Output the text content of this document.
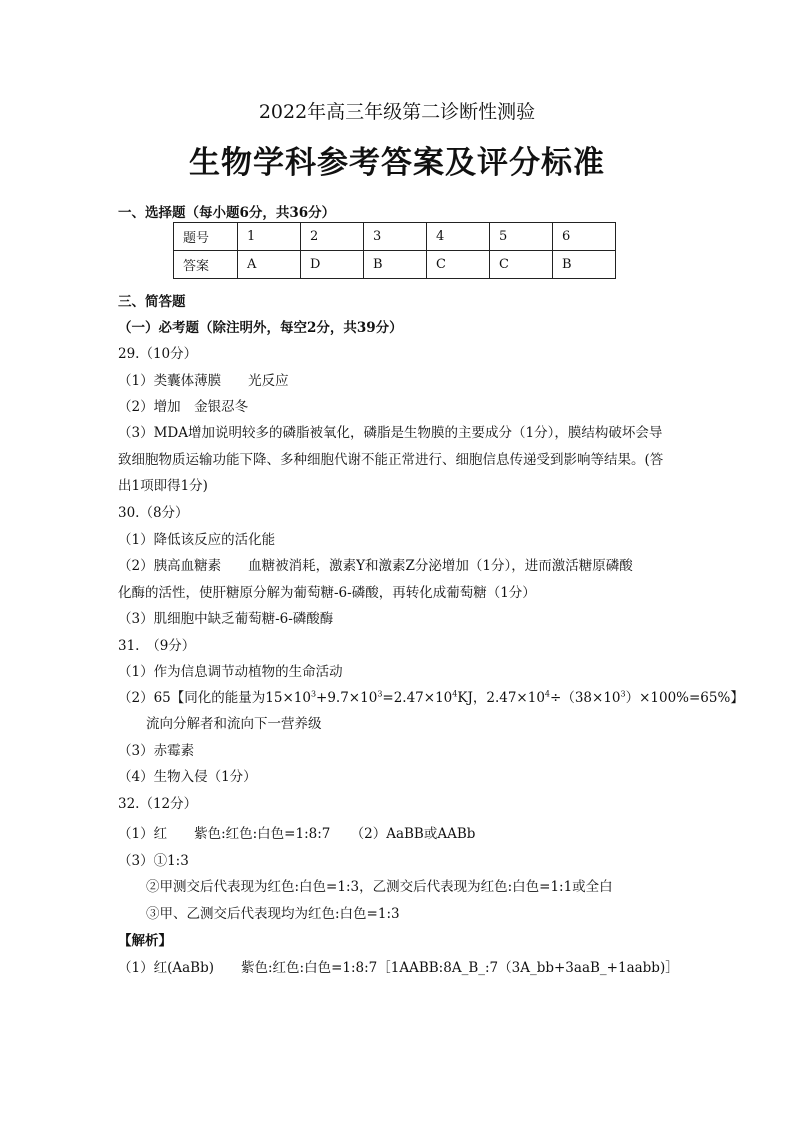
2022年高三年级第二诊断性测验
生物学科参考答案及评分标准
一、选择题（每小题6分，共36分）
题号	1	2	3	4	5	6
答案	A	D	B	C	C	B
三、简答题
（一）必考题（除注明外，每空2分，共39分）
29.（10分）
（1）类囊体薄膜　　光反应
（2）增加　金银忍冬
（3）MDA增加说明较多的磷脂被氧化，磷脂是生物膜的主要成分（1分），膜结构破坏会导
致细胞物质运输功能下降、多种细胞代谢不能正常进行、细胞信息传递受到影响等结果。(答
出1项即得1分)
30.（8分）
（1）降低该反应的活化能
（2）胰高血糖素　　血糖被消耗，激素Y和激素Z分泌增加（1分），进而激活糖原磷酸
化酶的活性，使肝糖原分解为葡萄糖-6-磷酸，再转化成葡萄糖（1分）
（3）肌细胞中缺乏葡萄糖-6-磷酸酶
31.　（9分）
（1）作为信息调节动植物的生命活动
（2）65【同化的能量为$15\times 10^3+9.7\times 10^3=2.47\times 10^4KJ$，$2.47\times 10^4\div(38\times 10^3)\times 100\%=65\%$】
流向分解者和流向下一营养级
（3）赤霉素
（4）生物入侵（1分）
32.（12分）
（1）红　　紫色:红色:白色=1:8:7　　（2）AaBB或AABb
（3）①1:3
②甲测交后代表现为红色:白色=1:3，乙测交后代表现为红色:白色=1:1或全白
③甲、乙测交后代表现均为红色:白色=1:3
【解析】
（1）红(AaBb)　　紫色:红色:白色=1:8:7［1AABB:8A_B_:7（3A_bb+3aaB_+1aabb)］
